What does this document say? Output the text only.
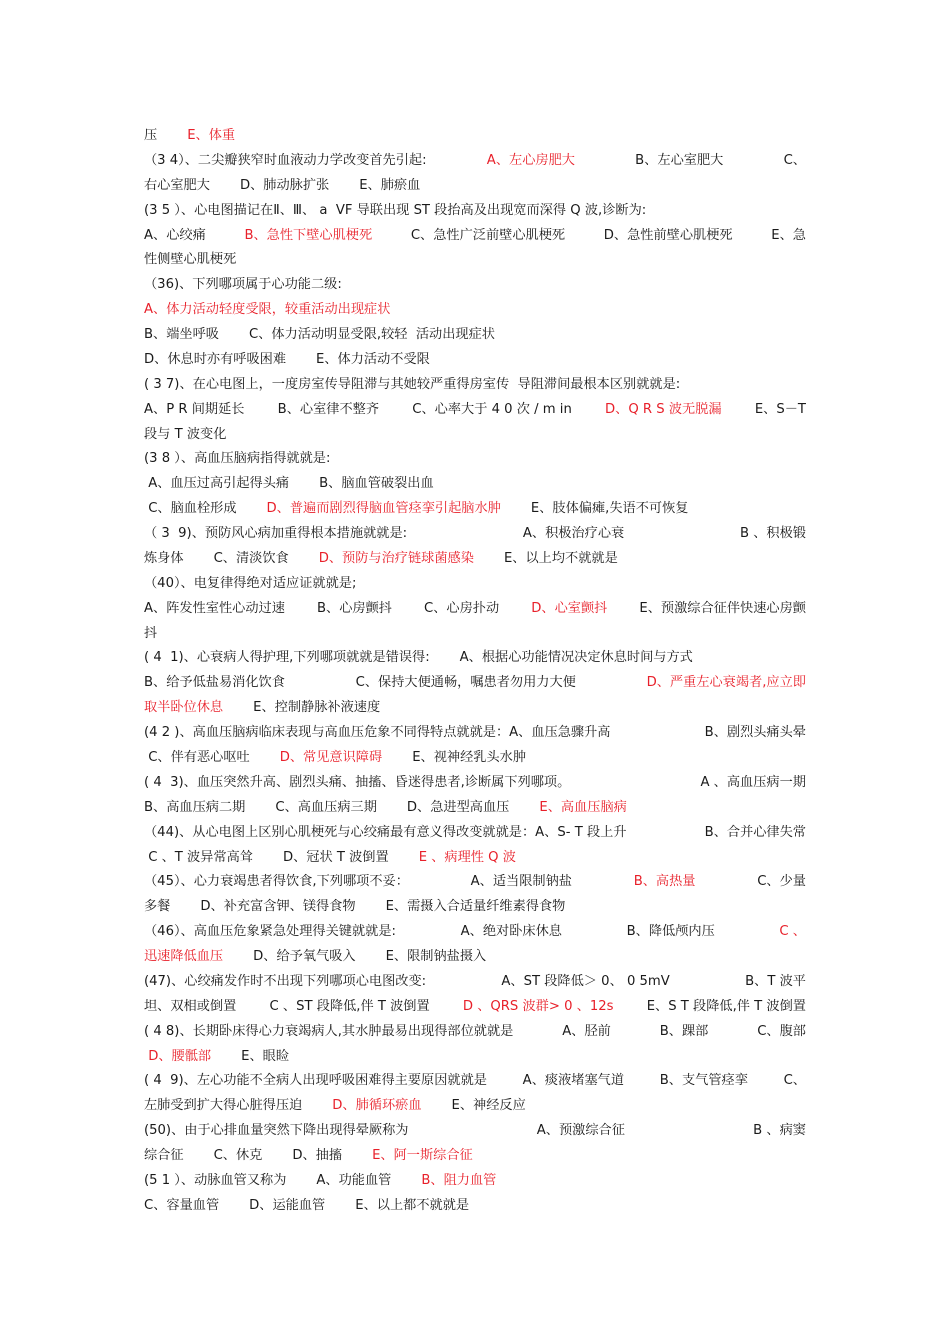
压 E、体重
（3 4）、二尖瓣狭窄时血液动力学改变首先引起:	A、左心房肥大	B、左心室肥大	C、
右心室肥大 D、肺动脉扩张 E、肺瘀血
(3 5 ）、心电图描记在Ⅱ、Ⅲ、 a  VF 导联出现 ST 段抬高及出现宽而深得 Q 波,诊断为:
A、心绞痛	B、急性下壁心肌梗死	C、急性广泛前壁心肌梗死	D、急性前壁心肌梗死	E、急
性侧壁心肌梗死
（36)、下列哪项属于心功能二级:
A、体力活动轻度受限，较重活动出现症状
B、端坐呼吸 C、体力活动明显受限,较轻  活动出现症状
D、休息时亦有呼吸困难 E、体力活动不受限
( 3 7)、在心电图上，一度房室传导阻滞与其她较严重得房室传  导阻滞间最根本区别就就是:
A、P R 间期延长	B、心室律不整齐	C、心率大于 4 0 次 / m in	D、Q R S 波无脱漏	E、S－T
段与 T 波变化
(3 8 ）、高血压脑病指得就就是:
A、血压过高引起得头痛 B、脑血管破裂出血
C、脑血栓形成 D、普遍而剧烈得脑血管痉挛引起脑水肿 E、肢体偏瘫,失语不可恢复
（ 3  9)、预防风心病加重得根本措施就就是:	A、积极治疗心衰	B 、积极锻
炼身体 C、清淡饮食 D、预防与治疗链球菌感染 E、以上均不就就是
（40）、电复律得绝对适应证就就是;
A、阵发性室性心动过速 B、心房颤抖 C、心房扑动 D、心室颤抖 E、预激综合征伴快速心房颤
抖
( 4  1)、心衰病人得护理,下列哪项就就是错误得: A、根据心功能情况决定休息时间与方式
B、给予低盐易消化饮食	C、保持大便通畅，嘱患者勿用力大便	D、严重左心衰竭者,应立即
取半卧位休息 E、控制静脉补液速度
(4 2 )、高血压脑病临床表现与高血压危象不同得特点就就是：A、血压急骤升高	B、剧烈头痛头晕
C、伴有恶心呕吐 D、常见意识障碍 E、视神经乳头水肿
( 4  3)、血压突然升高、剧烈头痛、抽搐、昏迷得患者,诊断属下列哪项。	A 、高血压病一期
B、高血压病二期 C、高血压病三期 D、急进型高血压 E、高血压脑病
（44)、从心电图上区别心肌梗死与心绞痛最有意义得改变就就是：A、S- T 段上升	B、合并心律失常
C 、T 波异常高耸 D、冠状 T 波倒置 E 、病理性 Q 波
（45）、心力衰竭患者得饮食,下列哪项不妥：	A、适当限制钠盐	B、高热量	C、少量
多餐 D、补充富含钾、镁得食物 E、需摄入合适量纤维素得食物
（46）、高血压危象紧急处理得关键就就是:	A、绝对卧床休息	B、降低颅内压	C 、
迅速降低血压 D、给予氧气吸入 E、限制钠盐摄入
(47)、心绞痛发作时不出现下列哪项心电图改变:	A、ST 段降低＞ 0、 0 5mV	B、T 波平
坦、双相或倒置	C 、ST 段降低,伴 T 波倒置	D 、QRS 波群> 0 、12s	E、S T 段降低,伴 T 波倒置
( 4 8)、长期卧床得心力衰竭病人,其水肿最易出现得部位就就是	A、胫前	B、踝部	C、腹部
D、腰骶部 E、眼睑
( 4  9)、左心功能不全病人出现呼吸困难得主要原因就就是	A、痰液堵塞气道	B、支气管痉挛	C、
左肺受到扩大得心脏得压迫 D、肺循环瘀血 E、神经反应
(50)、由于心排血量突然下降出现得晕厥称为	A、预激综合征	B 、病窦
综合征 C、休克 D、抽搐 E、阿一斯综合征
(5 1 ）、动脉血管又称为 A、功能血管 B、阻力血管
C、容量血管 D、运能血管 E、以上都不就就是
